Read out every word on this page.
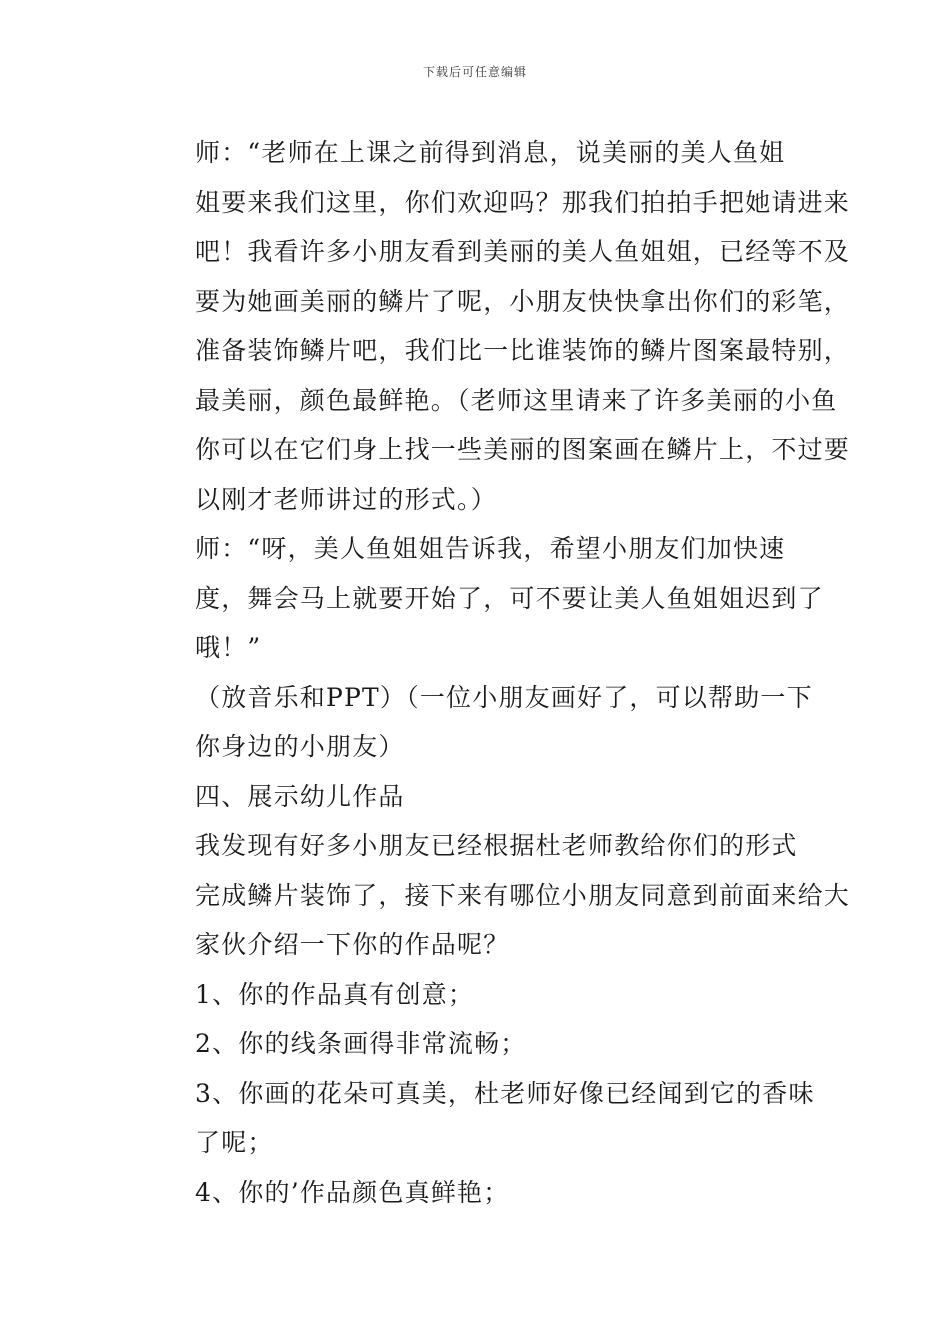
下载后可任意编辑

师：“老师在上课之前得到消息，说美丽的美人鱼姐
姐要来我们这里，你们欢迎吗？那我们拍拍手把她请进来
吧！我看许多小朋友看到美丽的美人鱼姐姐，已经等不及
要为她画美丽的鳞片了呢，小朋友快快拿出你们的彩笔，
准备装饰鳞片吧，我们比一比谁装饰的鳞片图案最特别，
最美丽，颜色最鲜艳。（老师这里请来了许多美丽的小鱼
你可以在它们身上找一些美丽的图案画在鳞片上，不过要
以刚才老师讲过的形式。）

师：“呀，美人鱼姐姐告诉我，希望小朋友们加快速
度，舞会马上就要开始了，可不要让美人鱼姐姐迟到了
哦！”

（放音乐和PPT）（一位小朋友画好了，可以帮助一下
你身边的小朋友）

四、展示幼儿作品

我发现有好多小朋友已经根据杜老师教给你们的形式
完成鳞片装饰了，接下来有哪位小朋友同意到前面来给大
家伙介绍一下你的作品呢？

1、你的作品真有创意；

2、你的线条画得非常流畅；

3、你画的花朵可真美，杜老师好像已经闻到它的香味
了呢；

4、你的’作品颜色真鲜艳；
